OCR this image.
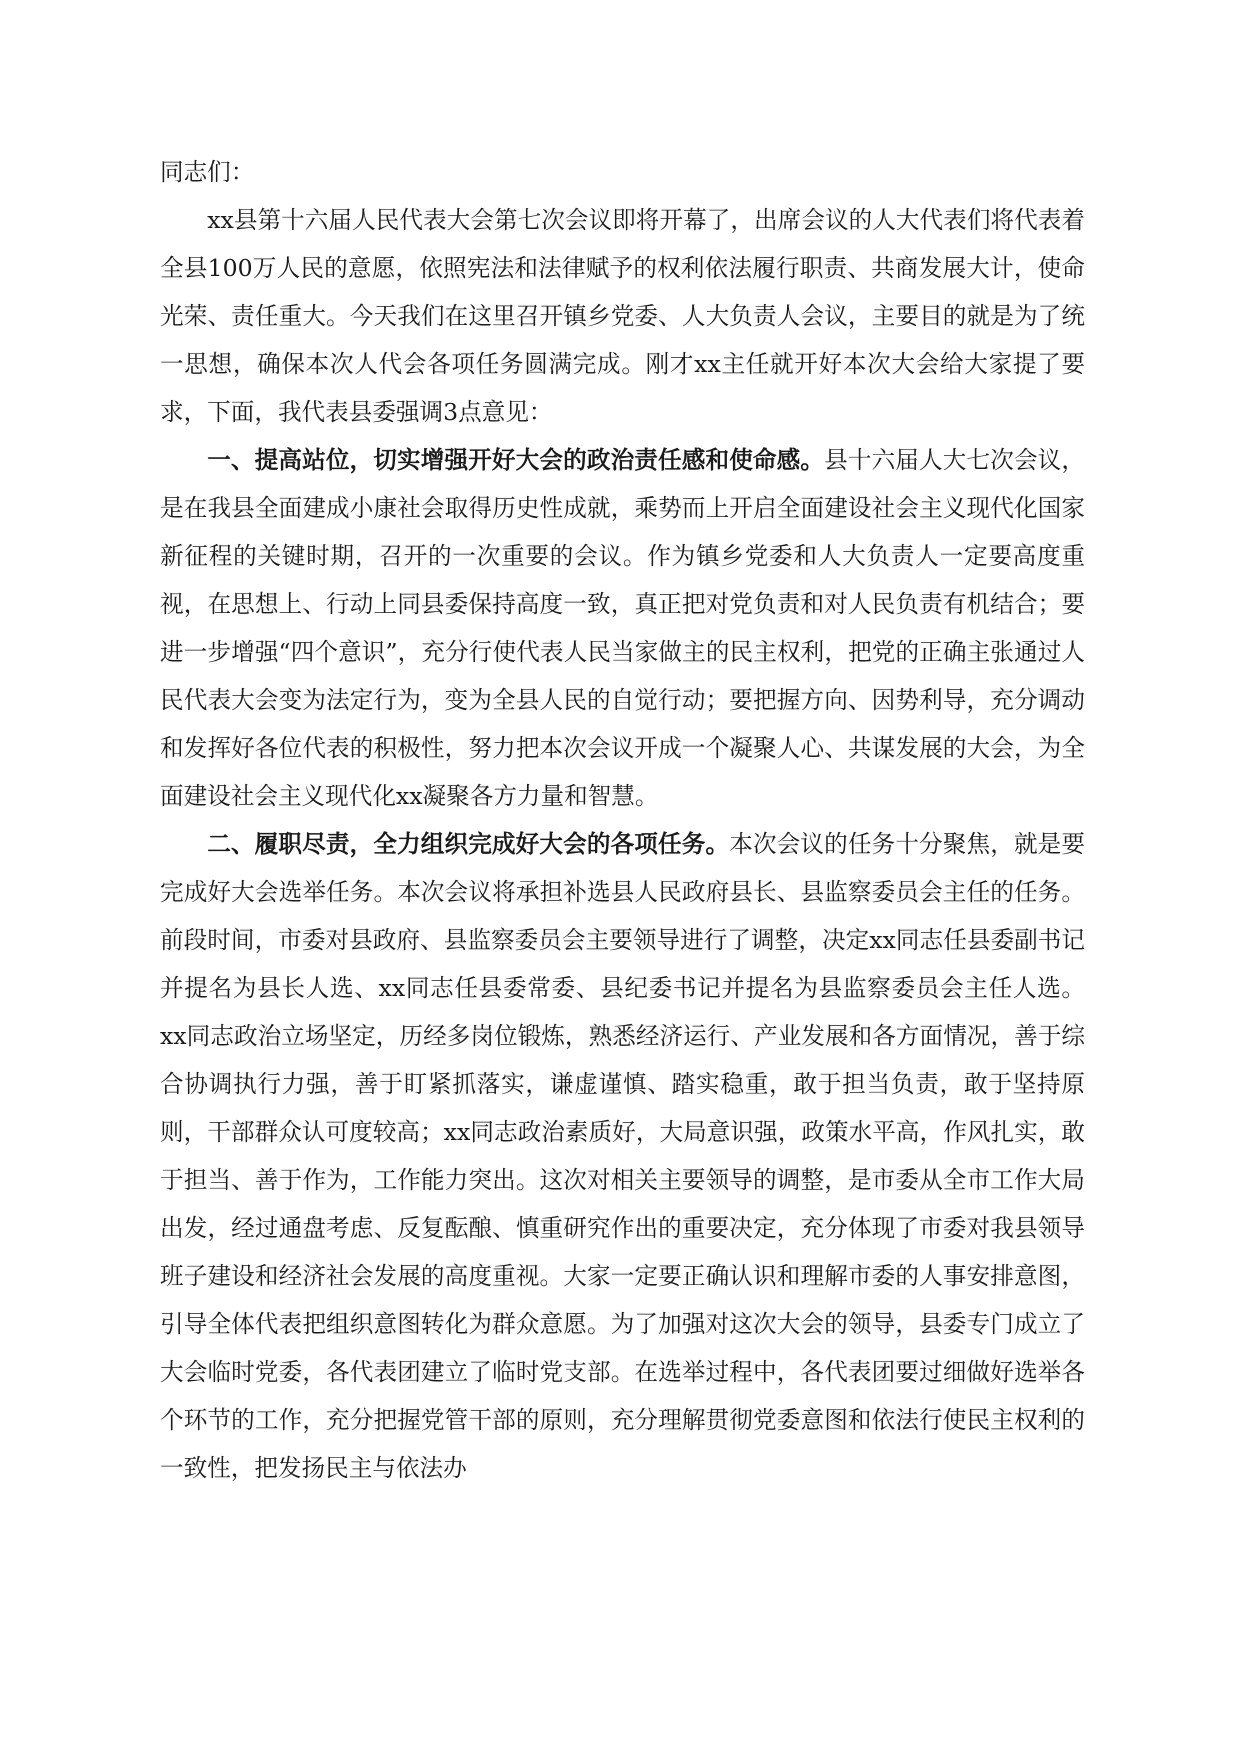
同志们：

xx县第十六届人民代表大会第七次会议即将开幕了，出席会议的人大代表们将代表着全县100万人民的意愿，依照宪法和法律赋予的权利依法履行职责、共商发展大计，使命光荣、责任重大。今天我们在这里召开镇乡党委、人大负责人会议，主要目的就是为了统一思想，确保本次人代会各项任务圆满完成。刚才xx主任就开好本次大会给大家提了要求，下面，我代表县委强调3点意见：

一、提高站位，切实增强开好大会的政治责任感和使命感。县十六届人大七次会议，是在我县全面建成小康社会取得历史性成就，乘势而上开启全面建设社会主义现代化国家新征程的关键时期，召开的一次重要的会议。作为镇乡党委和人大负责人一定要高度重视，在思想上、行动上同县委保持高度一致，真正把对党负责和对人民负责有机结合；要进一步增强“四个意识”，充分行使代表人民当家做主的民主权利，把党的正确主张通过人民代表大会变为法定行为，变为全县人民的自觉行动；要把握方向、因势利导，充分调动和发挥好各位代表的积极性，努力把本次会议开成一个凝聚人心、共谋发展的大会，为全面建设社会主义现代化xx凝聚各方力量和智慧。

二、履职尽责，全力组织完成好大会的各项任务。本次会议的任务十分聚焦，就是要完成好大会选举任务。本次会议将承担补选县人民政府县长、县监察委员会主任的任务。前段时间，市委对县政府、县监察委员会主要领导进行了调整，决定xx同志任县委副书记并提名为县长人选、xx同志任县委常委、县纪委书记并提名为县监察委员会主任人选。xx同志政治立场坚定，历经多岗位锻炼，熟悉经济运行、产业发展和各方面情况，善于综合协调执行力强，善于盯紧抓落实，谦虚谨慎、踏实稳重，敢于担当负责，敢于坚持原则，干部群众认可度较高；xx同志政治素质好，大局意识强，政策水平高，作风扎实，敢于担当、善于作为，工作能力突出。这次对相关主要领导的调整，是市委从全市工作大局出发，经过通盘考虑、反复酝酿、慎重研究作出的重要决定，充分体现了市委对我县领导班子建设和经济社会发展的高度重视。大家一定要正确认识和理解市委的人事安排意图，引导全体代表把组织意图转化为群众意愿。为了加强对这次大会的领导，县委专门成立了大会临时党委，各代表团建立了临时党支部。在选举过程中，各代表团要过细做好选举各个环节的工作，充分把握党管干部的原则，充分理解贯彻党委意图和依法行使民主权利的一致性，把发扬民主与依法办
